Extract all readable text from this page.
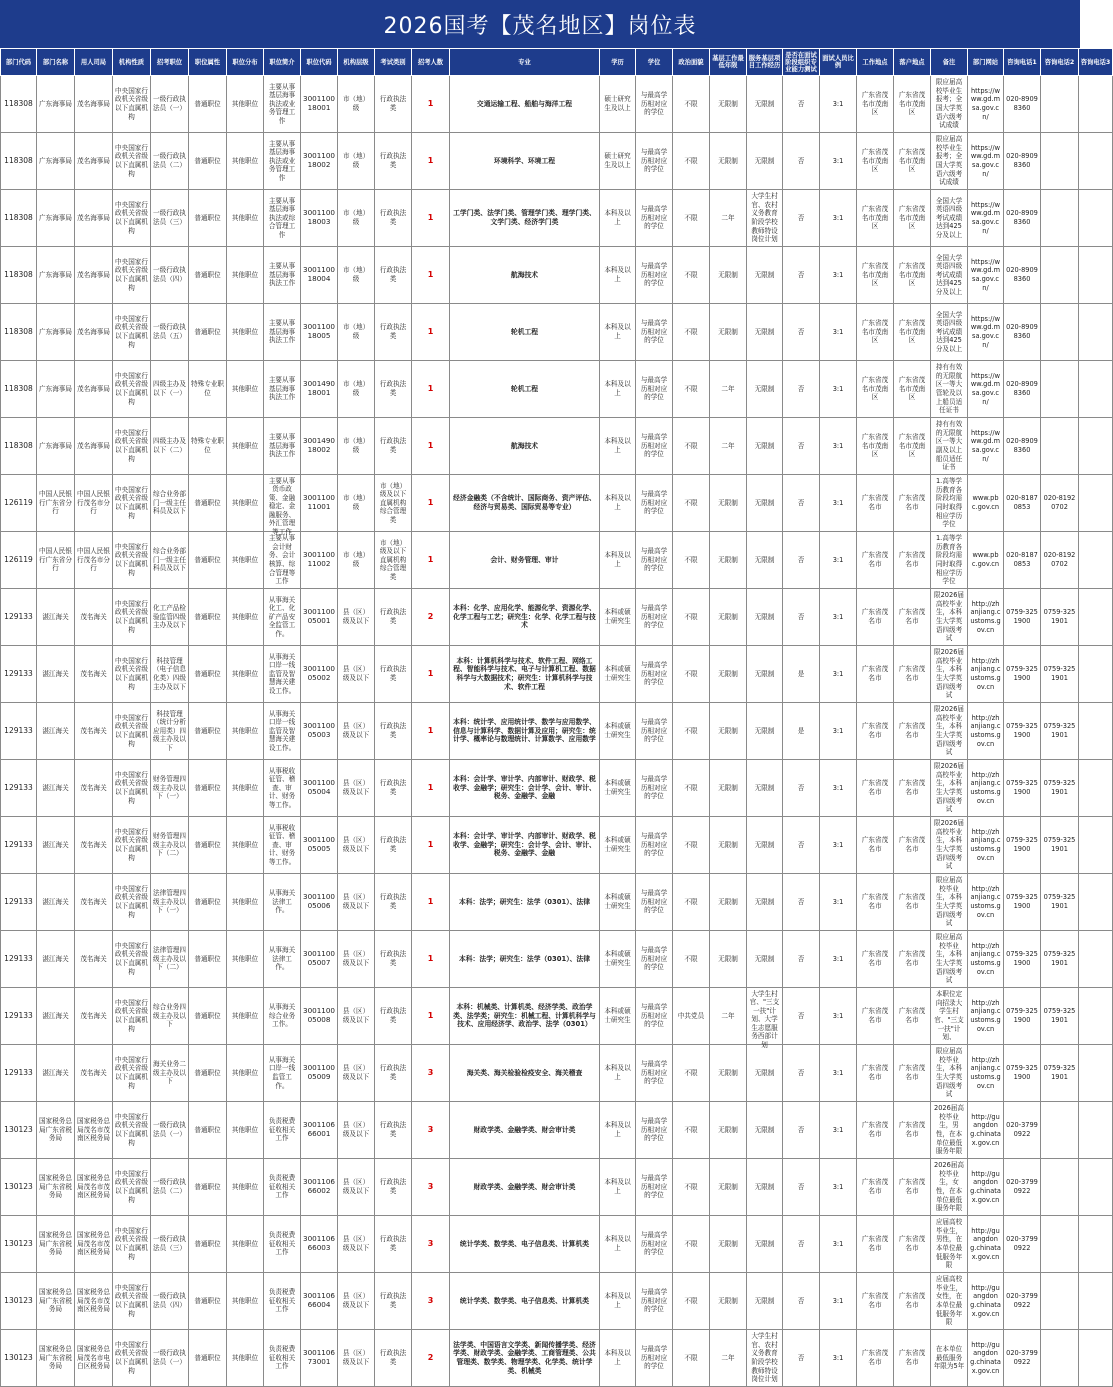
2026国考【茂名地区】岗位表
部门代码	部门名称	用人司局	机构性质	招考职位	职位属性	职位分布	职位简介	职位代码	机构层级	考试类别	招考人数	专业	学历	学位	政治面貌	基层工作最低年限	服务基层项目工作经历	是否在面试阶段组织专业能力测试	面试人员比例	工作地点	落户地点	备注	部门网站	咨询电话1	咨询电话2	咨询电话3

118308	广东海事局	茂名海事局	中央国家行政机关省级以下直属机构	一级行政执法员（一）	普通职位	其他职位	主要从事基层海事执法或业务管理工作	300110018001	市（地）级	行政执法类	1	交通运输工程、船舶与海洋工程	硕士研究生及以上	与最高学历相对应的学位	不限	无限制	无限制	否	3:1	广东省茂名市茂南区	广东省茂名市茂南区	限应届高校毕业生报考；全国大学英语六级考试成绩	https://www.gd.msa.gov.cn/	020-89098360		

118308	广东海事局	茂名海事局	中央国家行政机关省级以下直属机构	一级行政执法员（二）	普通职位	其他职位	主要从事基层海事执法或业务管理工作	300110018002	市（地）级	行政执法类	1	环境科学、环境工程	硕士研究生及以上	与最高学历相对应的学位	不限	无限制	无限制	否	3:1	广东省茂名市茂南区	广东省茂名市茂南区	限应届高校毕业生报考；全国大学英语六级考试成绩	https://www.gd.msa.gov.cn/	020-89098360		

118308	广东海事局	茂名海事局	中央国家行政机关省级以下直属机构	一级行政执法员（三）	普通职位	其他职位	主要从事基层海事执法或综合管理工作	300110018003	市（地）级	行政执法类	1	工学门类、法学门类、管理学门类、理学门类、文学门类、经济学门类	本科及以上	与最高学历相对应的学位	不限	二年	大学生村官、农村义务教育阶段学校教师特设岗位计划	否	3:1	广东省茂名市茂南区	广东省茂名市茂南区	全国大学英语四级考试成绩达到425分及以上	https://www.gd.msa.gov.cn/	020-89098360		

118308	广东海事局	茂名海事局	中央国家行政机关省级以下直属机构	一级行政执法员（四）	普通职位	其他职位	主要从事基层海事执法工作	300110018004	市（地）级	行政执法类	1	航海技术	本科及以上	与最高学历相对应的学位	不限	无限制	无限制	否	3:1	广东省茂名市茂南区	广东省茂名市茂南区	全国大学英语四级考试成绩达到425分及以上	https://www.gd.msa.gov.cn/	020-89098360		

118308	广东海事局	茂名海事局	中央国家行政机关省级以下直属机构	一级行政执法员（五）	普通职位	其他职位	主要从事基层海事执法工作	300110018005	市（地）级	行政执法类	1	轮机工程	本科及以上	与最高学历相对应的学位	不限	无限制	无限制	否	3:1	广东省茂名市茂南区	广东省茂名市茂南区	全国大学英语四级考试成绩达到425分及以上	https://www.gd.msa.gov.cn/	020-89098360		

118308	广东海事局	茂名海事局	中央国家行政机关省级以下直属机构	四级主办及以下（一）	特殊专业职位	其他职位	主要从事基层海事执法工作	300149018001	市（地）级	行政执法类	1	轮机工程	本科及以上	与最高学历相对应的学位	不限	二年	无限制	否	3:1	广东省茂名市茂南区	广东省茂名市茂南区	持有有效的无限航区一等大管轮及以上船员适任证书	https://www.gd.msa.gov.cn/	020-89098360		

118308	广东海事局	茂名海事局	中央国家行政机关省级以下直属机构	四级主办及以下（二）	特殊专业职位	其他职位	主要从事基层海事执法工作	300149018002	市（地）级	行政执法类	1	航海技术	本科及以上	与最高学历相对应的学位	不限	二年	无限制	否	3:1	广东省茂名市茂南区	广东省茂名市茂南区	持有有效的无限航区一等大副及以上船员适任证书	https://www.gd.msa.gov.cn/	020-89098360		

126119	中国人民银行广东省分行	中国人民银行茂名市分行	中央国家行政机关省级以下直属机构	综合业务部门一级主任科员及以下	普通职位	其他职位	主要从事货币政策、金融稳定、金融服务、外汇管理等工作	300110011001	市（地）级	市（地）级及以下直属机构综合管理类	1	经济金融类（不含统计、国际商务、资产评估、经济与贸易类、国际贸易等专业）	本科及以上	与最高学历相对应的学位	不限	无限制	无限制	否	3:1	广东省茂名市	广东省茂名市	1.高等学历教育各阶段均需同时取得相应学历学位	www.pbc.gov.cn	020-81870853	020-81920702	

126119	中国人民银行广东省分行	中国人民银行茂名市分行	中央国家行政机关省级以下直属机构	综合业务部门一级主任科员及以下	普通职位	其他职位	主要从事会计财务、会计核算、综合管理等工作	300110011002	市（地）级	市（地）级及以下直属机构综合管理类	1	会计、财务管理、审计	本科及以上	与最高学历相对应的学位	不限	无限制	无限制	否	3:1	广东省茂名市	广东省茂名市	1.高等学历教育各阶段均需同时取得相应学历学位	www.pbc.gov.cn	020-81870853	020-81920702	

129133	湛江海关	茂名海关	中央国家行政机关省级以下直属机构	化工产品检验监管四级主办及以下	普通职位	其他职位	从事海关化工、化矿产品安全监管工作。	300110005001	县（区）级及以下	行政执法类	2	本科：化学、应用化学、能源化学、资源化学、化学工程与工艺；研究生：化学、化学工程与技术	本科或硕士研究生	与最高学历相对应的学位	不限	无限制	无限制	否	3:1	广东省茂名市	广东省茂名市	限2026届高校毕业生，本科生大学英语四级考试	http://zhanjiang.customs.gov.cn	0759-3251900	0759-3251901	

129133	湛江海关	茂名海关	中央国家行政机关省级以下直属机构	科技管理（电子信息化类）四级主办及以下	普通职位	其他职位	从事海关口岸一线监管及智慧海关建设工作。	300110005002	县（区）级及以下	行政执法类	1	本科：计算机科学与技术、软件工程、网络工程、智能科学与技术、电子与计算机工程、数据科学与大数据技术；研究生：计算机科学与技术、软件工程	本科或硕士研究生	与最高学历相对应的学位	不限	无限制	无限制	是	3:1	广东省茂名市	广东省茂名市	限2026届高校毕业生，本科生大学英语四级考试	http://zhanjiang.customs.gov.cn	0759-3251900	0759-3251901	

129133	湛江海关	茂名海关	中央国家行政机关省级以下直属机构	科技管理（统计分析应用类）四级主办及以下	普通职位	其他职位	从事海关口岸一线监管及智慧海关建设工作。	300110005003	县（区）级及以下	行政执法类	1	本科：统计学、应用统计学、数学与应用数学、信息与计算科学、数据计算及应用；研究生：统计学、概率论与数理统计、计算数学、应用数学	本科或硕士研究生	与最高学历相对应的学位	不限	无限制	无限制	是	3:1	广东省茂名市	广东省茂名市	限2026届高校毕业生，本科生大学英语四级考试	http://zhanjiang.customs.gov.cn	0759-3251900	0759-3251901	

129133	湛江海关	茂名海关	中央国家行政机关省级以下直属机构	财务管理四级主办及以下（一）	普通职位	其他职位	从事税收征管、稽查、审计、财务等工作。	300110005004	县（区）级及以下	行政执法类	1	本科：会计学、审计学、内部审计、财政学、税收学、金融学；研究生：会计学、会计、审计、税务、金融学、金融	本科或硕士研究生	与最高学历相对应的学位	不限	无限制	无限制	否	3:1	广东省茂名市	广东省茂名市	限2026届高校毕业生，本科生大学英语四级考试	http://zhanjiang.customs.gov.cn	0759-3251900	0759-3251901	

129133	湛江海关	茂名海关	中央国家行政机关省级以下直属机构	财务管理四级主办及以下（二）	普通职位	其他职位	从事税收征管、稽查、审计、财务等工作。	300110005005	县（区）级及以下	行政执法类	1	本科：会计学、审计学、内部审计、财政学、税收学、金融学；研究生：会计学、会计、审计、税务、金融学、金融	本科或硕士研究生	与最高学历相对应的学位	不限	无限制	无限制	否	3:1	广东省茂名市	广东省茂名市	限2026届高校毕业生，本科生大学英语四级考试	http://zhanjiang.customs.gov.cn	0759-3251900	0759-3251901	

129133	湛江海关	茂名海关	中央国家行政机关省级以下直属机构	法律管理四级主办及以下（一）	普通职位	其他职位	从事海关法律工作。	300110005006	县（区）级及以下	行政执法类	1	本科：法学；研究生：法学（0301）、法律	本科或硕士研究生	与最高学历相对应的学位	不限	无限制	无限制	否	3:1	广东省茂名市	广东省茂名市	限应届高校毕业生，本科生大学英语四级考试	http://zhanjiang.customs.gov.cn	0759-3251900	0759-3251901	

129133	湛江海关	茂名海关	中央国家行政机关省级以下直属机构	法律管理四级主办及以下（二）	普通职位	其他职位	从事海关法律工作。	300110005007	县（区）级及以下	行政执法类	1	本科：法学；研究生：法学（0301）、法律	本科或硕士研究生	与最高学历相对应的学位	不限	无限制	无限制	否	3:1	广东省茂名市	广东省茂名市	限应届高校毕业生，本科生大学英语四级考试	http://zhanjiang.customs.gov.cn	0759-3251900	0759-3251901	

129133	湛江海关	茂名海关	中央国家行政机关省级以下直属机构	综合业务四级主办及以下	普通职位	其他职位	从事海关综合业务工作。	300110005008	县（区）级及以下	行政执法类	1	本科：机械类、计算机类、经济学类、政治学类、法学类；研究生：机械工程、计算机科学与技术、应用经济学、政治学、法学（0301）	本科或硕士研究生	与最高学历相对应的学位	中共党员	二年	大学生村官、"三支一扶"计划、大学生志愿服务西部计划	否	3:1	广东省茂名市	广东省茂名市	本职位定向招录大学生村官、"三支一扶"计划、	http://zhanjiang.customs.gov.cn	0759-3251900	0759-3251901	

129133	湛江海关	茂名海关	中央国家行政机关省级以下直属机构	海关业务二级主办及以下	普通职位	其他职位	从事海关口岸一线监管工作。	300110005009	县（区）级及以下	行政执法类	3	海关类、海关检验检疫安全、海关稽查	本科及以上	与最高学历相对应的学位	不限	无限制	无限制	否	3:1	广东省茂名市	广东省茂名市	限应届高校毕业生，本科生大学英语四级考试	http://zhanjiang.customs.gov.cn	0759-3251900	0759-3251901	

130123	国家税务总局广东省税务局	国家税务总局茂名市茂南区税务局	中央国家行政机关省级以下直属机构	一级行政执法员（一）	普通职位	其他职位	负责税费征收相关工作	300110666001	县（区）级及以下	行政执法类	3	财政学类、金融学类、财会审计类	本科及以上	与最高学历相对应的学位	不限	无限制	无限制	否	3:1	广东省茂名市	广东省茂名市	2026届高校毕业生，男性，在本单位最低服务年限	http://guangdong.chinatax.gov.cn	020-37990922		

130123	国家税务总局广东省税务局	国家税务总局茂名市茂南区税务局	中央国家行政机关省级以下直属机构	一级行政执法员（二）	普通职位	其他职位	负责税费征收相关工作	300110666002	县（区）级及以下	行政执法类	3	财政学类、金融学类、财会审计类	本科及以上	与最高学历相对应的学位	不限	无限制	无限制	否	3:1	广东省茂名市	广东省茂名市	2026届高校毕业生，女性，在本单位最低服务年限	http://guangdong.chinatax.gov.cn	020-37990922		

130123	国家税务总局广东省税务局	国家税务总局茂名市茂南区税务局	中央国家行政机关省级以下直属机构	一级行政执法员（三）	普通职位	其他职位	负责税费征收相关工作	300110666003	县（区）级及以下	行政执法类	3	统计学类、数学类、电子信息类、计算机类	本科及以上	与最高学历相对应的学位	不限	无限制	无限制	否	3:1	广东省茂名市	广东省茂名市	应届高校毕业生，男性，在本单位最低服务年限	http://guangdong.chinatax.gov.cn	020-37990922		

130123	国家税务总局广东省税务局	国家税务总局茂名市茂南区税务局	中央国家行政机关省级以下直属机构	一级行政执法员（四）	普通职位	其他职位	负责税费征收相关工作	300110666004	县（区）级及以下	行政执法类	3	统计学类、数学类、电子信息类、计算机类	本科及以上	与最高学历相对应的学位	不限	无限制	无限制	否	3:1	广东省茂名市	广东省茂名市	应届高校毕业生，女性，在本单位最低服务年限	http://guangdong.chinatax.gov.cn	020-37990922		

130123	国家税务总局广东省税务局	国家税务总局茂名市电白区税务局	中央国家行政机关省级以下直属机构	一级行政执法员（一）	普通职位	其他职位	负责税费征收相关工作	300110673001	县（区）级及以下	行政执法类	2	法学类、中国语言文学类、新闻传播学类、经济学类、财政学类、金融学类、工商管理类、公共管理类、数学类、物理学类、化学类、统计学类、机械类	本科及以上	与最高学历相对应的学位	不限	二年	大学生村官、农村义务教育阶段学校教师特设岗位计划	否	3:1	广东省茂名市	广东省茂名市	在本单位最低服务年限为5年	http://guangdong.chinatax.gov.cn	020-37990922		
